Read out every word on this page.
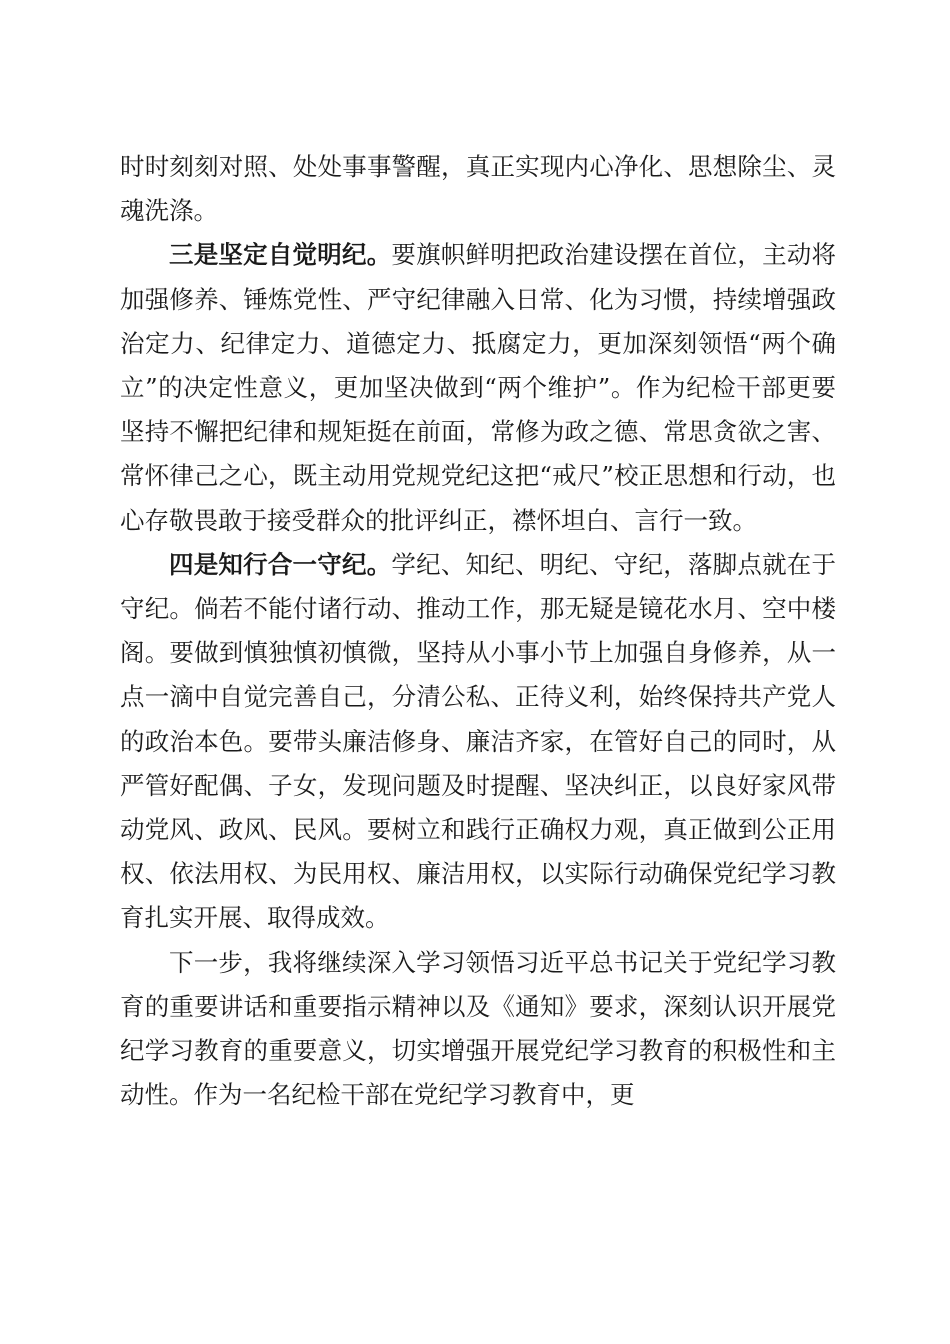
时时刻刻对照、处处事事警醒，真正实现内心净化、思想除尘、灵魂洗涤。

三是坚定自觉明纪。要旗帜鲜明把政治建设摆在首位，主动将加强修养、锤炼党性、严守纪律融入日常、化为习惯，持续增强政治定力、纪律定力、道德定力、抵腐定力，更加深刻领悟“两个确立”的决定性意义，更加坚决做到“两个维护”。作为纪检干部更要坚持不懈把纪律和规矩挺在前面，常修为政之德、常思贪欲之害、常怀律己之心，既主动用党规党纪这把“戒尺”校正思想和行动，也心存敬畏敢于接受群众的批评纠正，襟怀坦白、言行一致。

四是知行合一守纪。学纪、知纪、明纪、守纪，落脚点就在于守纪。倘若不能付诸行动、推动工作，那无疑是镜花水月、空中楼阁。要做到慎独慎初慎微，坚持从小事小节上加强自身修养，从一点一滴中自觉完善自己，分清公私、正待义利，始终保持共产党人的政治本色。要带头廉洁修身、廉洁齐家，在管好自己的同时，从严管好配偶、子女，发现问题及时提醒、坚决纠正，以良好家风带动党风、政风、民风。要树立和践行正确权力观，真正做到公正用权、依法用权、为民用权、廉洁用权，以实际行动确保党纪学习教育扎实开展、取得成效。

下一步，我将继续深入学习领悟习近平总书记关于党纪学习教育的重要讲话和重要指示精神以及《通知》要求，深刻认识开展党纪学习教育的重要意义，切实增强开展党纪学习教育的积极性和主动性。作为一名纪检干部在党纪学习教育中，更
